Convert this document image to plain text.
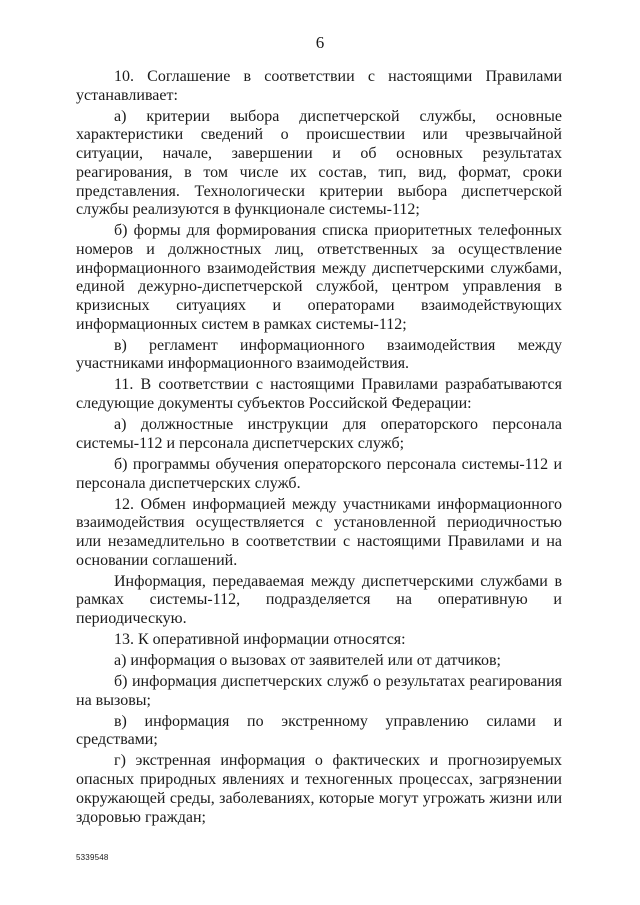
6

10. Соглашение в соответствии с настоящими Правилами устанавливает:

а) критерии выбора диспетчерской службы, основные характеристики сведений о происшествии или чрезвычайной ситуации, начале, завершении и об основных результатах реагирования, в том числе их состав, тип, вид, формат, сроки представления. Технологически критерии выбора диспетчерской службы реализуются в функционале системы-112;

б) формы для формирования списка приоритетных телефонных номеров и должностных лиц, ответственных за осуществление информационного взаимодействия между диспетчерскими службами, единой дежурно-диспетчерской службой, центром управления в кризисных ситуациях и операторами взаимодействующих информационных систем в рамках системы-112;

в) регламент информационного взаимодействия между участниками информационного взаимодействия.

11. В соответствии с настоящими Правилами разрабатываются следующие документы субъектов Российской Федерации:

а) должностные инструкции для операторского персонала системы-112 и персонала диспетчерских служб;

б) программы обучения операторского персонала системы-112 и персонала диспетчерских служб.

12. Обмен информацией между участниками информационного взаимодействия осуществляется с установленной периодичностью или незамедлительно в соответствии с настоящими Правилами и на основании соглашений.

Информация, передаваемая между диспетчерскими службами в рамках системы-112, подразделяется на оперативную и периодическую.

13. К оперативной информации относятся:

а) информация о вызовах от заявителей или от датчиков;

б) информация диспетчерских служб о результатах реагирования на вызовы;

в) информация по экстренному управлению силами и средствами;

г) экстренная информация о фактических и прогнозируемых опасных природных явлениях и техногенных процессах, загрязнении окружающей среды, заболеваниях, которые могут угрожать жизни или здоровью граждан;

5339548
